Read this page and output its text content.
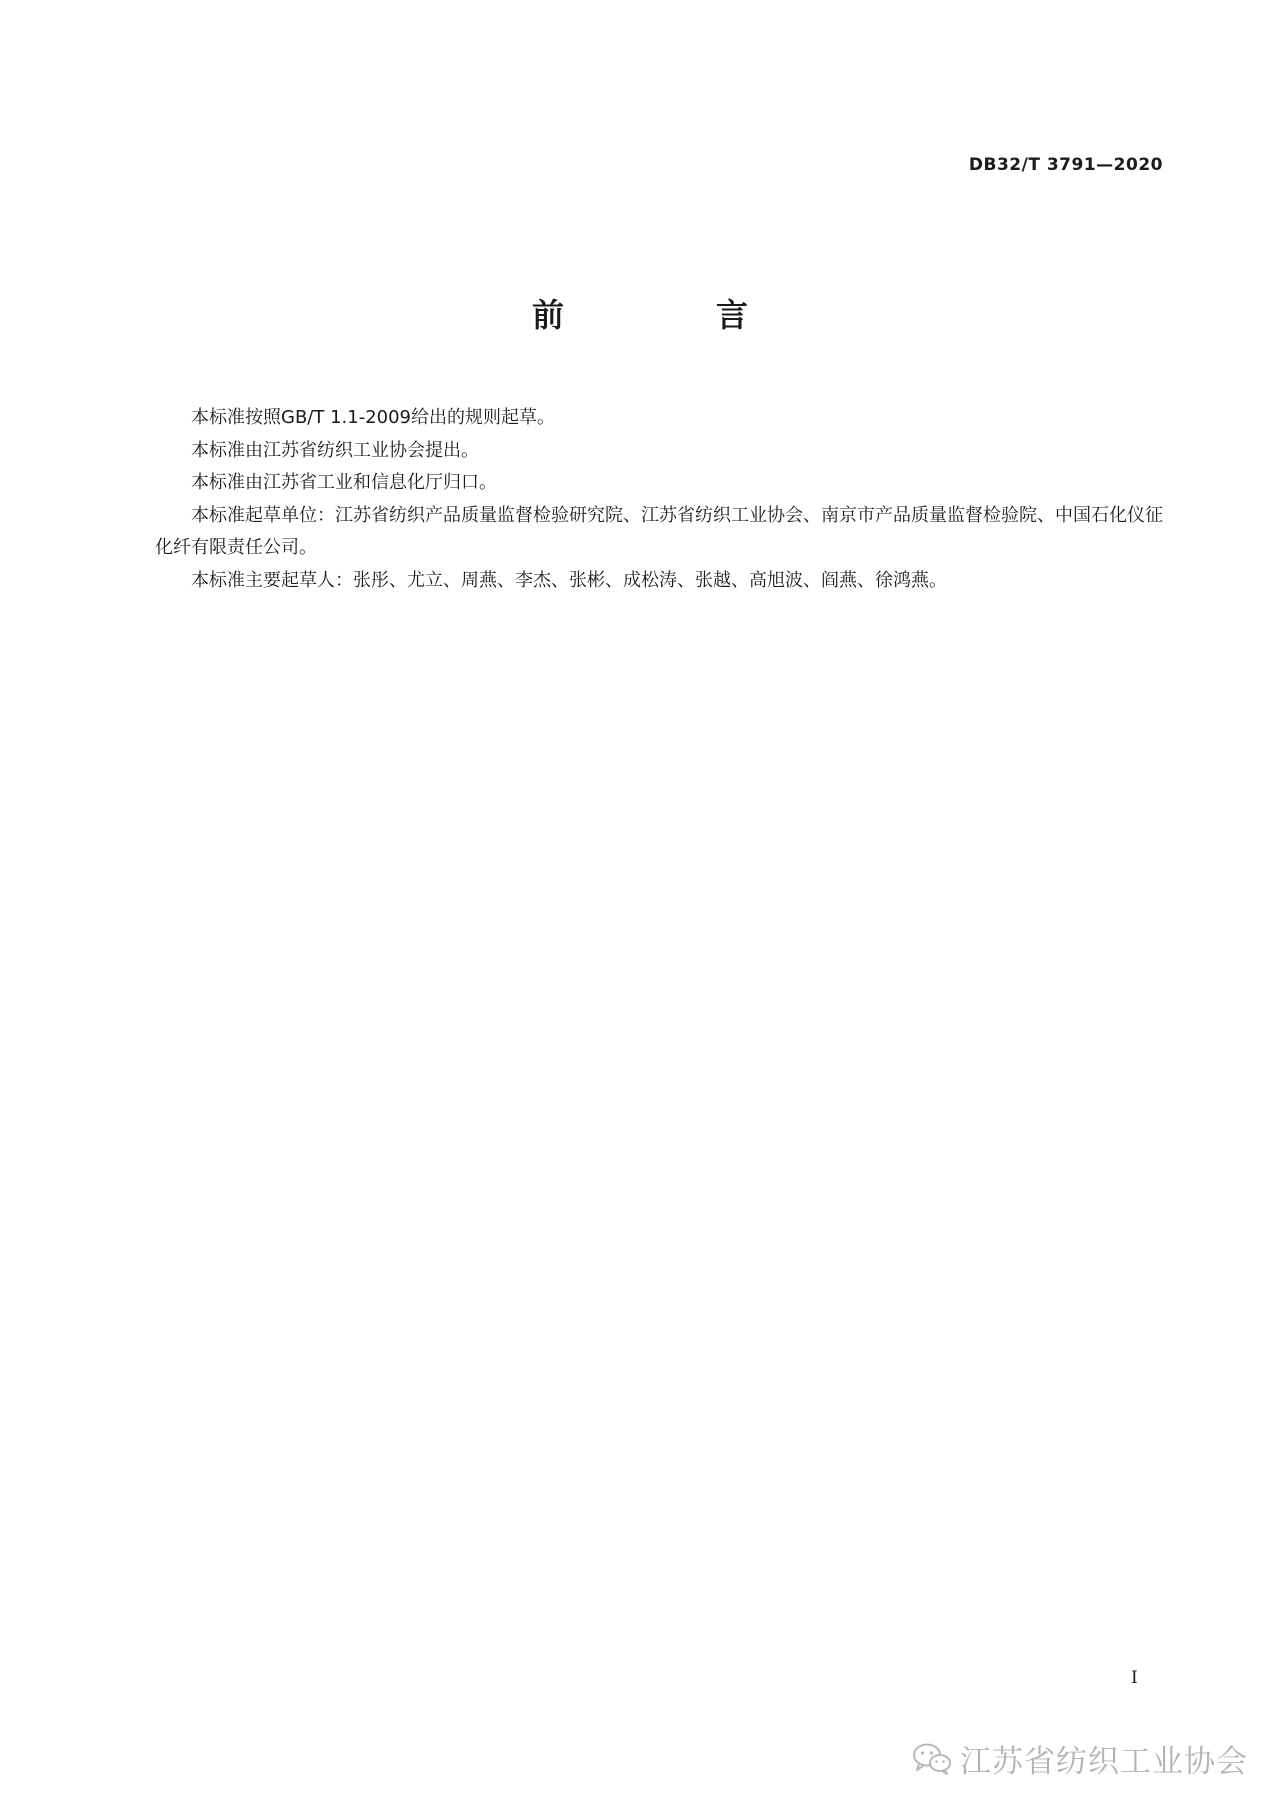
DB32/T 3791—2020
前　言

本标准按照GB/T 1.1-2009给出的规则起草。

本标准由江苏省纺织工业协会提出。

本标准由江苏省工业和信息化厅归口。

本标准起草单位：江苏省纺织产品质量监督检验研究院、江苏省纺织工业协会、南京市产品质量监督检验院、中国石化仪征化纤有限责任公司。

本标准主要起草人：张彤、尤立、周燕、李杰、张彬、成松涛、张越、高旭波、阎燕、徐鸿燕。

I
江苏省纺织工业协会
